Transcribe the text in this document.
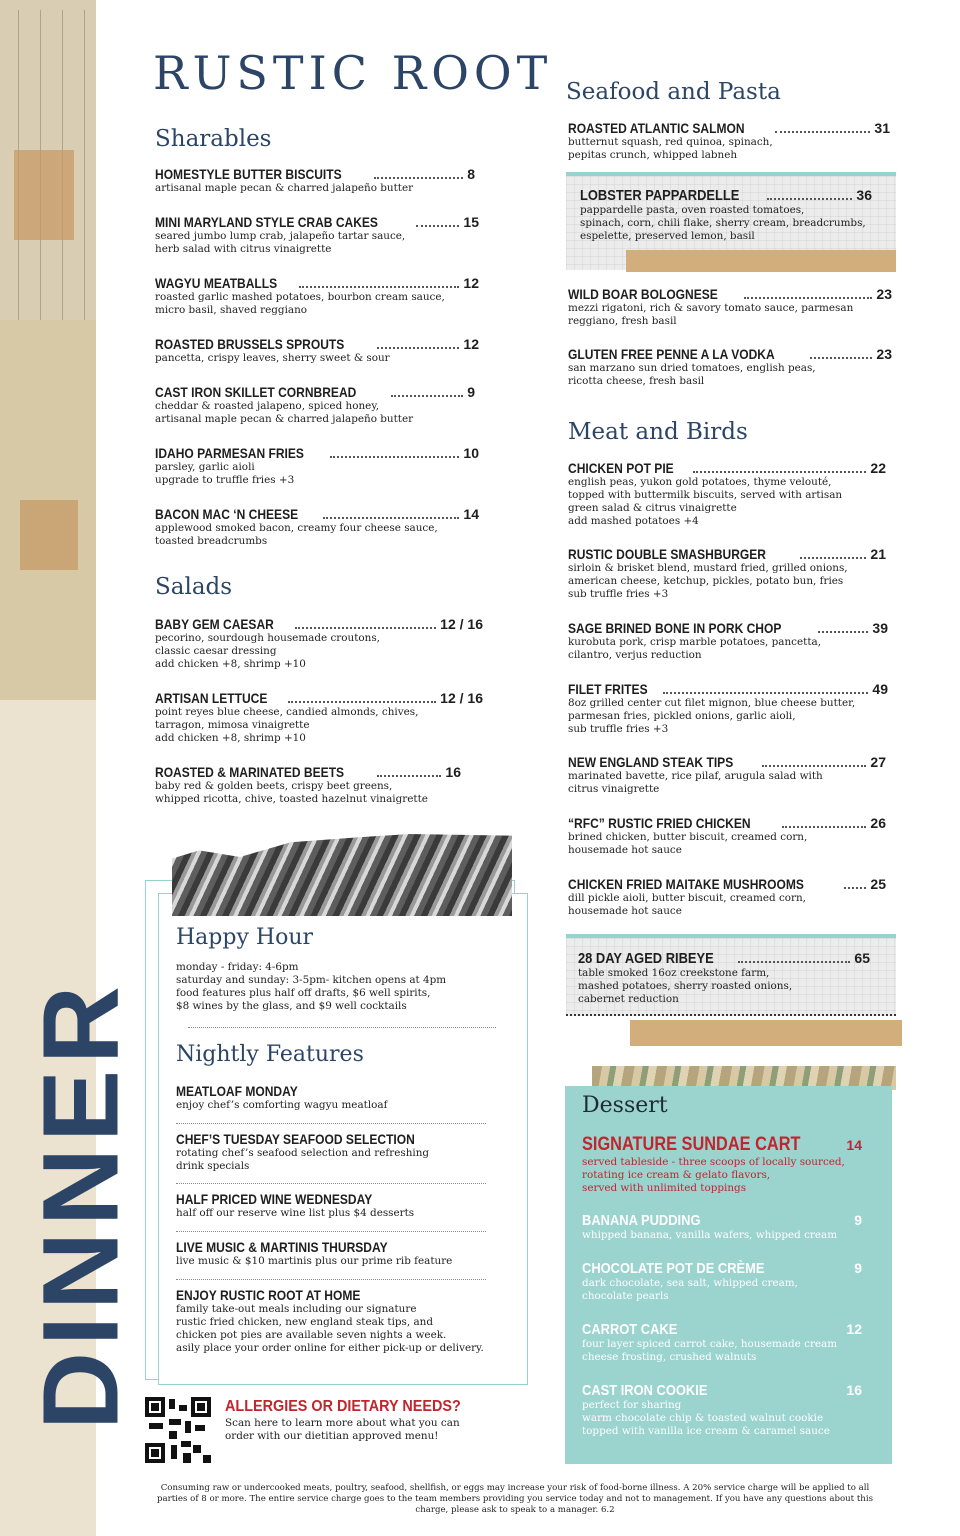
DINNER
RUSTIC ROOT
Sharables
HOMESTYLE BUTTER BISCUITS	8
artisanal maple pecan & charred jalapeño butter
MINI MARYLAND STYLE CRAB CAKES	15
seared jumbo lump crab, jalapeño tartar sauce,
herb salad with citrus vinaigrette
WAGYU MEATBALLS	12
roasted garlic mashed potatoes, bourbon cream sauce,
micro basil, shaved reggiano
ROASTED BRUSSELS SPROUTS	12
pancetta, crispy leaves, sherry sweet & sour
CAST IRON SKILLET CORNBREAD	9
cheddar & roasted jalapeno, spiced honey,
artisanal maple pecan & charred jalapeño butter
IDAHO PARMESAN FRIES	10
parsley, garlic aioli
upgrade to truffle fries +3
BACON MAC ‘N CHEESE	14
applewood smoked bacon, creamy four cheese sauce,
toasted breadcrumbs
Salads
BABY GEM CAESAR	12 / 16
pecorino, sourdough housemade croutons,
classic caesar dressing
add chicken +8, shrimp +10
ARTISAN LETTUCE	12 / 16
point reyes blue cheese, candied almonds, chives,
tarragon, mimosa vinaigrette
add chicken +8, shrimp +10
ROASTED & MARINATED BEETS	16
baby red & golden beets, crispy beet greens,
whipped ricotta, chive, toasted hazelnut vinaigrette
Happy Hour
monday - friday: 4-6pm
saturday and sunday: 3-5pm- kitchen opens at 4pm
food features plus half off drafts, $6 well spirits,
$8 wines by the glass, and $9 well cocktails
Nightly Features
MEATLOAF MONDAY
enjoy chef’s comforting wagyu meatloaf
CHEF’S TUESDAY SEAFOOD SELECTION
rotating chef’s seafood selection and refreshing
drink specials
HALF PRICED WINE WEDNESDAY
half off our reserve wine list plus $4 desserts
LIVE MUSIC & MARTINIS THURSDAY
live music & $10 martinis plus our prime rib feature
ENJOY RUSTIC ROOT AT HOME
family take-out meals including our signature
rustic fried chicken, new england steak tips, and
chicken pot pies are available seven nights a week.
asily place your order online for either pick-up or delivery.
ALLERGIES OR DIETARY NEEDS?
Scan here to learn more about what you can
order with our dietitian approved menu!
Seafood and Pasta
ROASTED ATLANTIC SALMON	31
butternut squash, red quinoa, spinach,
pepitas crunch, whipped labneh
LOBSTER PAPPARDELLE	36
pappardelle pasta, oven roasted tomatoes,
spinach, corn, chili flake, sherry cream, breadcrumbs,
espelette, preserved lemon, basil
WILD BOAR BOLOGNESE	23
mezzi rigatoni, rich & savory tomato sauce, parmesan
reggiano, fresh basil
GLUTEN FREE PENNE A LA VODKA	23
san marzano sun dried tomatoes, english peas,
ricotta cheese, fresh basil
Meat and Birds
CHICKEN POT PIE	22
english peas, yukon gold potatoes, thyme velouté,
topped with buttermilk biscuits, served with artisan
green salad & citrus vinaigrette
add mashed potatoes +4
RUSTIC DOUBLE SMASHBURGER	21
sirloin & brisket blend, mustard fried, grilled onions,
american cheese, ketchup, pickles, potato bun, fries
sub truffle fries +3
SAGE BRINED BONE IN PORK CHOP	39
kurobuta pork, crisp marble potatoes, pancetta,
cilantro, verjus reduction
FILET FRITES	49
8oz grilled center cut filet mignon, blue cheese butter,
parmesan fries, pickled onions, garlic aioli,
sub truffle fries +3
NEW ENGLAND STEAK TIPS	27
marinated bavette, rice pilaf, arugula salad with
citrus vinaigrette
“RFC” RUSTIC FRIED CHICKEN	26
brined chicken, butter biscuit, creamed corn,
housemade hot sauce
CHICKEN FRIED MAITAKE MUSHROOMS	25
dill pickle aioli, butter biscuit, creamed corn,
housemade hot sauce
28 DAY AGED RIBEYE	65
table smoked 16oz creekstone farm,
mashed potatoes, sherry roasted onions,
cabernet reduction
Dessert
SIGNATURE SUNDAE CART	14
served tableside - three scoops of locally sourced,
rotating ice cream & gelato flavors,
served with unlimited toppings
BANANA PUDDING	9
whipped banana, vanilla wafers, whipped cream
CHOCOLATE POT DE CRÈME	9
dark chocolate, sea salt, whipped cream,
chocolate pearls
CARROT CAKE	12
four layer spiced carrot cake, housemade cream
cheese frosting, crushed walnuts
CAST IRON COOKIE	16
perfect for sharing
warm chocolate chip & toasted walnut cookie
topped with vanilla ice cream & caramel sauce
Consuming raw or undercooked meats, poultry, seafood, shellfish, or eggs may increase your risk of food-borne illness. A 20% service charge will be applied to all
parties of 8 or more. The entire service charge goes to the team members providing you service today and not to management. If you have any questions about this
charge, please ask to speak to a manager. 6.2
